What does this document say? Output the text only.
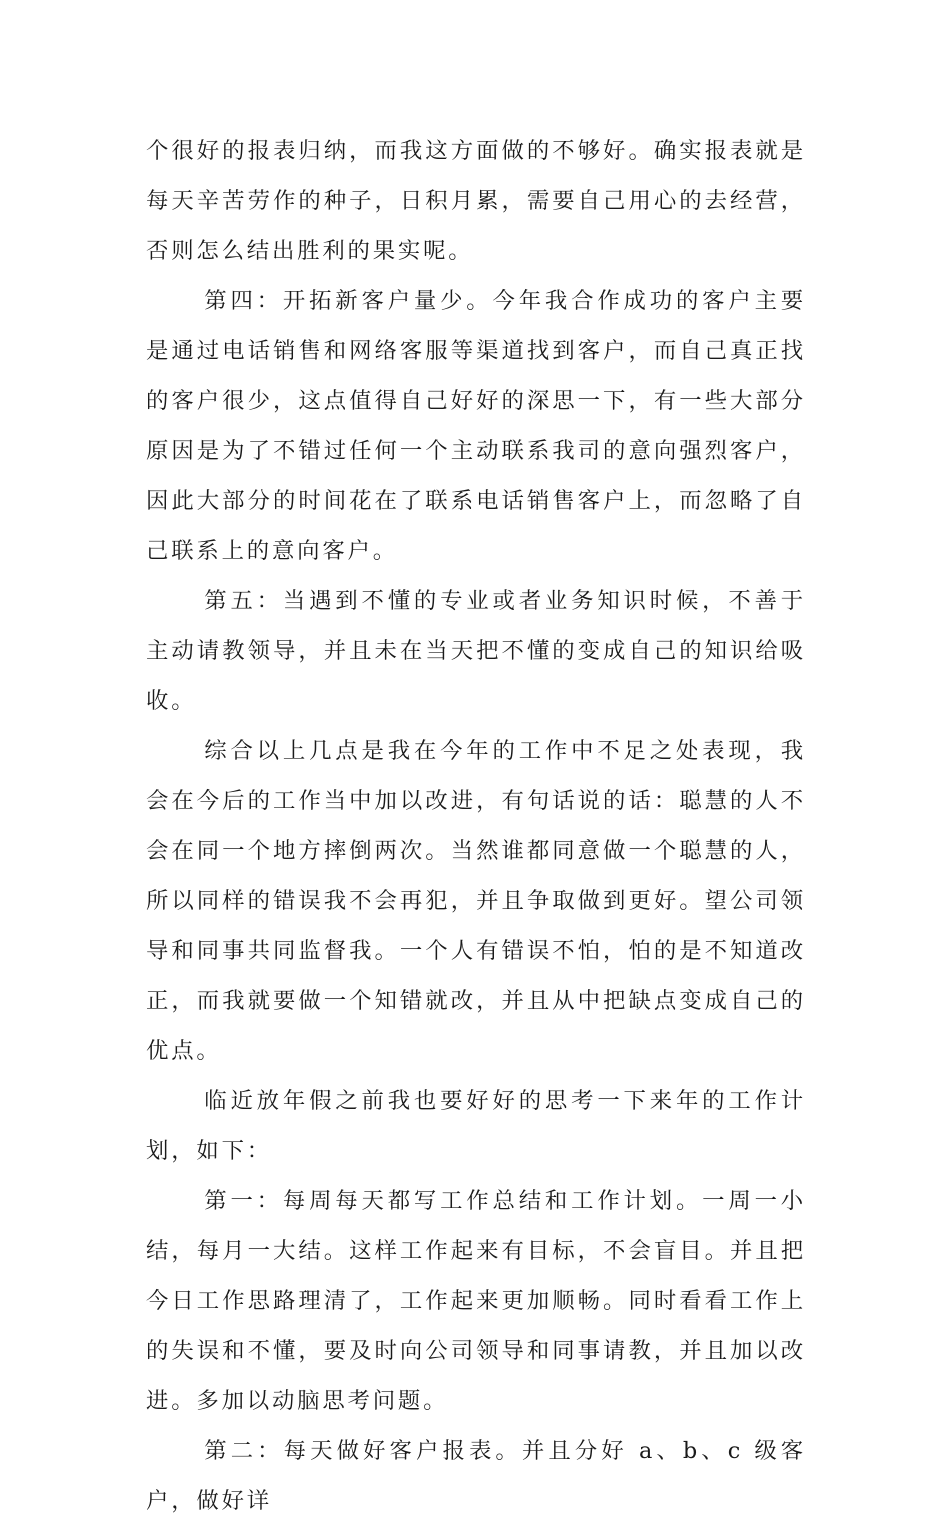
个很好的报表归纳，而我这方面做的不够好。确实报表就是每天辛苦劳作的种子，日积月累，需要自己用心的去经营，否则怎么结出胜利的果实呢。

第四：开拓新客户量少。今年我合作成功的客户主要是通过电话销售和网络客服等渠道找到客户，而自己真正找的客户很少，这点值得自己好好的深思一下，有一些大部分原因是为了不错过任何一个主动联系我司的意向强烈客户，因此大部分的时间花在了联系电话销售客户上，而忽略了自己联系上的意向客户。

第五：当遇到不懂的专业或者业务知识时候，不善于主动请教领导，并且未在当天把不懂的变成自己的知识给吸收。

综合以上几点是我在今年的工作中不足之处表现，我会在今后的工作当中加以改进，有句话说的话：聪慧的人不会在同一个地方摔倒两次。当然谁都同意做一个聪慧的人，所以同样的错误我不会再犯，并且争取做到更好。望公司领导和同事共同监督我。一个人有错误不怕，怕的是不知道改正，而我就要做一个知错就改，并且从中把缺点变成自己的优点。

临近放年假之前我也要好好的思考一下来年的工作计划，如下：

第一：每周每天都写工作总结和工作计划。一周一小结，每月一大结。这样工作起来有目标，不会盲目。并且把今日工作思路理清了，工作起来更加顺畅。同时看看工作上的失误和不懂，要及时向公司领导和同事请教，并且加以改进。多加以动脑思考问题。

第二：每天做好客户报表。并且分好 a、b、c 级客户，做好详
